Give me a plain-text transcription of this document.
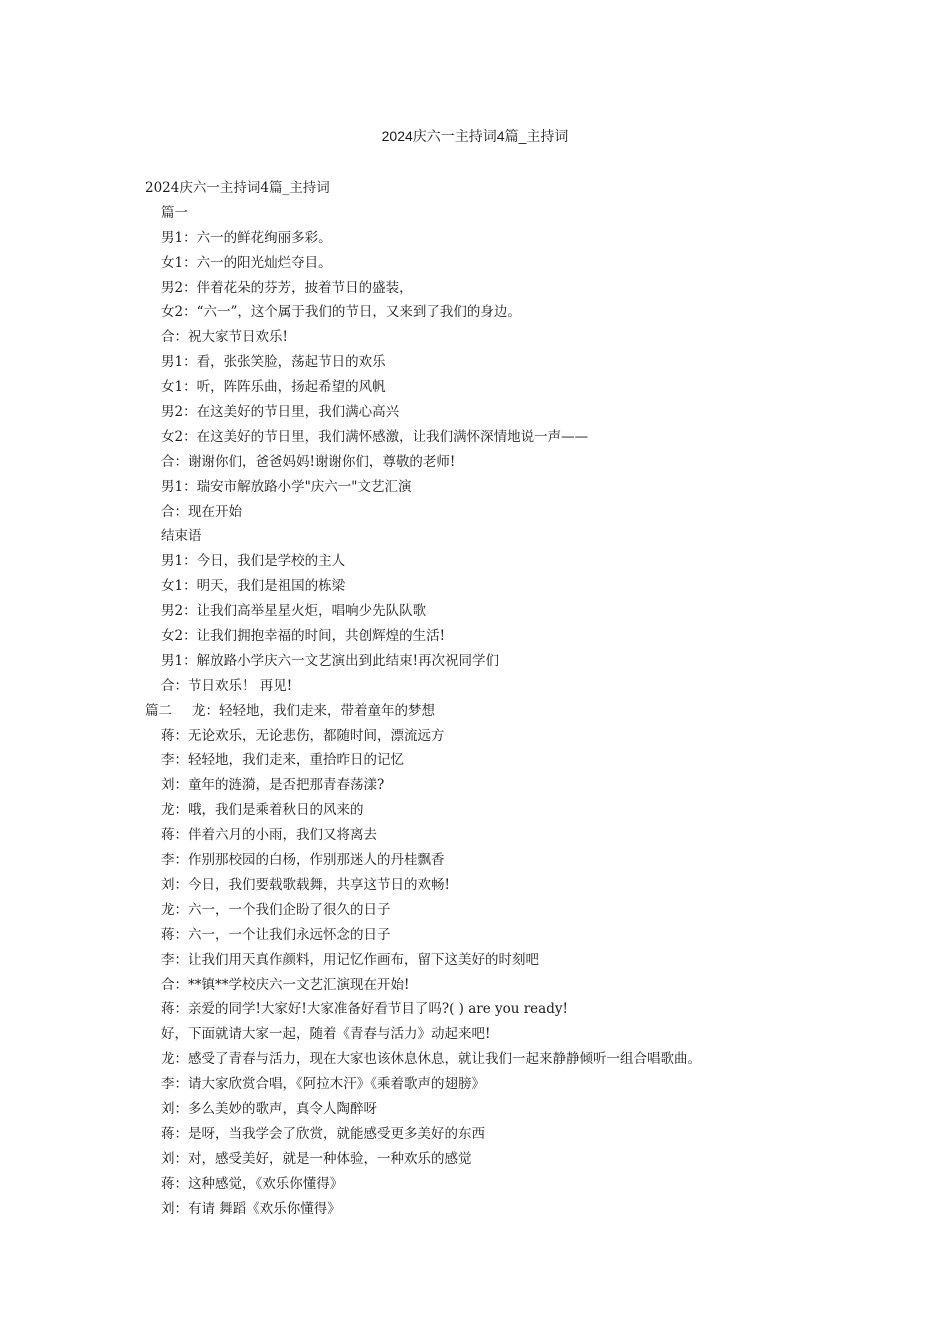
2024庆六一主持词4篇_主持词
2024庆六一主持词4篇_主持词
篇一
男1：六一的鲜花绚丽多彩。
女1：六一的阳光灿烂夺目。
男2：伴着花朵的芬芳，披着节日的盛装，
女2：“六一”，这个属于我们的节日，又来到了我们的身边。
合：祝大家节日欢乐!
男1：看，张张笑脸，荡起节日的欢乐
女1：听，阵阵乐曲，扬起希望的风帆
男2：在这美好的节日里，我们满心高兴
女2：在这美好的节日里，我们满怀感激，让我们满怀深情地说一声——
合：谢谢你们，爸爸妈妈!谢谢你们，尊敬的老师!
男1：瑞安市解放路小学"庆六一"文艺汇演
合：现在开始
结束语
男1：今日，我们是学校的主人
女1：明天，我们是祖国的栋梁
男2：让我们高举星星火炬，唱响少先队队歌
女2：让我们拥抱幸福的时间，共创辉煌的生活!
男1：解放路小学庆六一文艺演出到此结束!再次祝同学们
合：节日欢乐！ 再见!
篇二 龙：轻轻地，我们走来，带着童年的梦想
蒋：无论欢乐，无论悲伤，都随时间，漂流远方
李：轻轻地，我们走来，重拾昨日的记忆
刘：童年的涟漪，是否把那青春荡漾?
龙：哦，我们是乘着秋日的风来的
蒋：伴着六月的小雨，我们又将离去
李：作别那校园的白杨，作别那迷人的丹桂飘香
刘：今日，我们要载歌载舞，共享这节日的欢畅!
龙：六一，一个我们企盼了很久的日子
蒋：六一，一个让我们永远怀念的日子
李：让我们用天真作颜料，用记忆作画布，留下这美好的时刻吧
合：**镇**学校庆六一文艺汇演现在开始!
蒋：亲爱的同学!大家好!大家准备好看节目了吗?( ) are you ready!
好，下面就请大家一起，随着《青春与活力》动起来吧!
龙：感受了青春与活力，现在大家也该休息休息，就让我们一起来静静倾听一组合唱歌曲。
李：请大家欣赏合唱，《阿拉木汗》《乘着歌声的翅膀》
刘：多么美妙的歌声，真令人陶醉呀
蒋：是呀，当我学会了欣赏，就能感受更多美好的东西
刘：对，感受美好，就是一种体验，一种欢乐的感觉
蒋：这种感觉，《欢乐你懂得》
刘：有请 舞蹈《欢乐你懂得》
